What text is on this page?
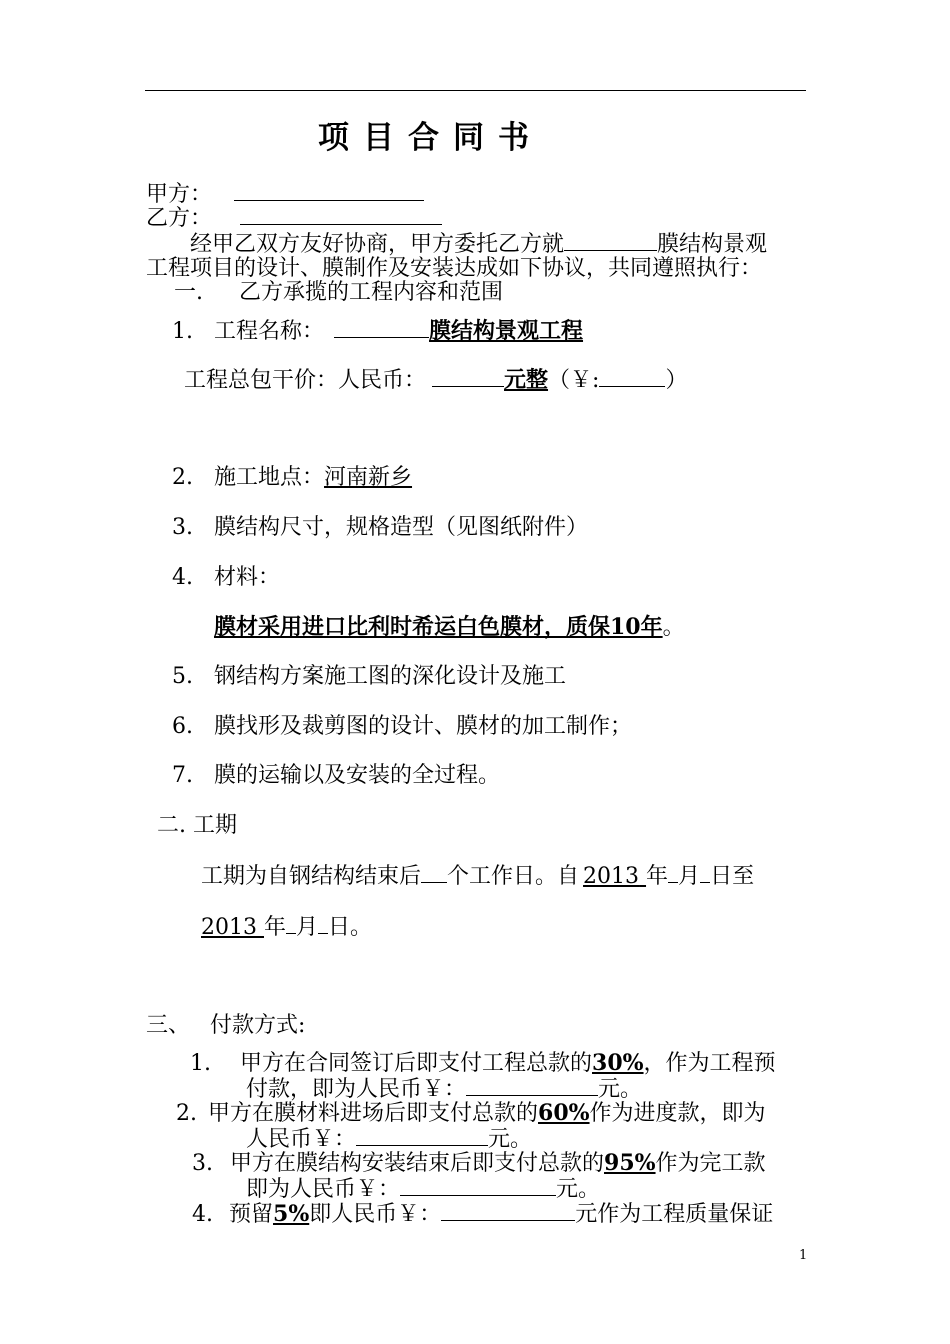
项目合同书
甲方：
乙方：
经甲乙双方友好协商，甲方委托乙方就	膜结构景观
工程项目的设计、膜制作及安装达成如下协议，共同遵照执行：
一. 乙方承揽的工程内容和范围
1. 工程名称：	膜结构景观工程
工程总包干价：人民币：	元整（￥:	）
2. 施工地点：河南新乡
3. 膜结构尺寸，规格造型（见图纸附件）
4. 材料：
膜材采用进口比利时希运白色膜材，质保10年。
5. 钢结构方案施工图的深化设计及施工
6. 膜找形及裁剪图的设计、膜材的加工制作；
7. 膜的运输以及安装的全过程。
二. 工期
工期为自钢结构结束后 个工作日。自 2013 年 月 日至
2013 年 月 日。
三、 付款方式:
1. 甲方在合同签订后即支付工程总款的30%，作为工程预
付款，即为人民币￥：	元。
2. 甲方在膜材料进场后即支付总款的60%作为进度款，即为
人民币￥：	元。
3. 甲方在膜结构安装结束后即支付总款的95%作为完工款
即为人民币￥：	元。
4. 预留5%即人民币￥：	元作为工程质量保证
1
